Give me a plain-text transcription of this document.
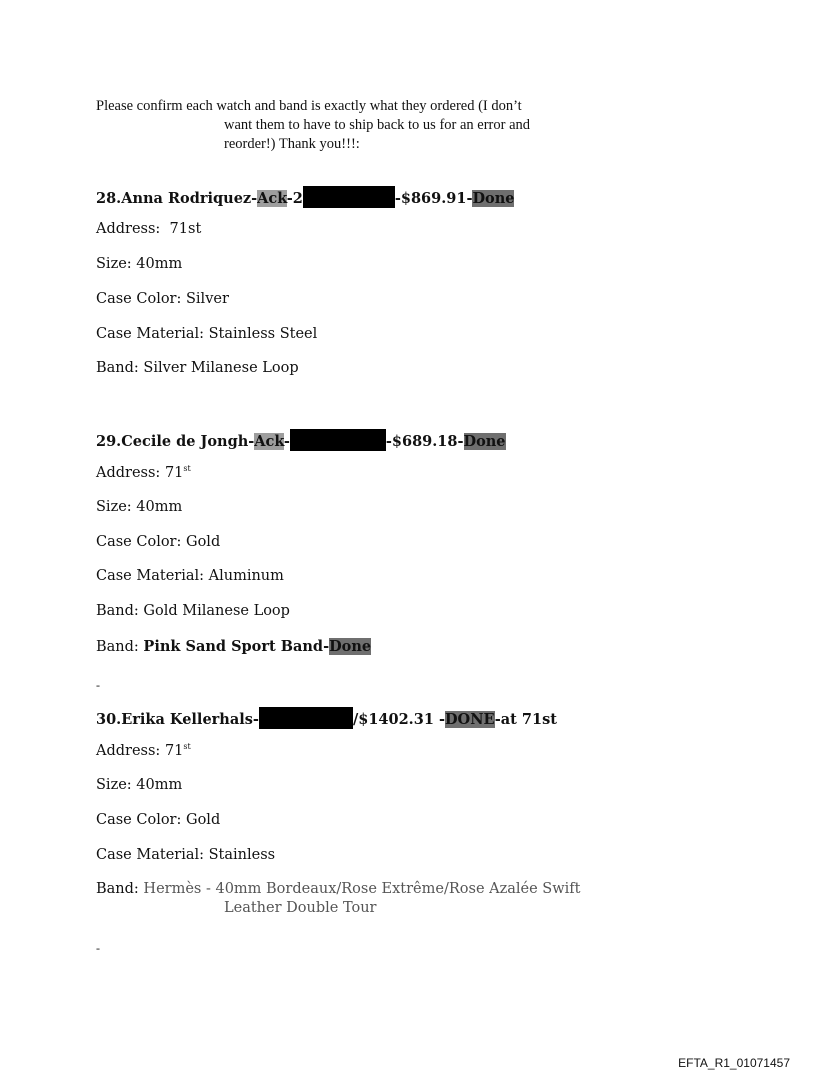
Please confirm each watch and band is exactly what they ordered (I don’t
want them to have to ship back to us for an error and
reorder!) Thank you!!!:
28.Anna Rodriquez-Ack-2	-$869.91-Done
Address: 71st
Size: 40mm
Case Color: Silver
Case Material: Stainless Steel
Band: Silver Milanese Loop
29.Cecile de Jongh-Ack-	-$689.18-Done
Address: 71st
Size: 40mm
Case Color: Gold
Case Material: Aluminum
Band: Gold Milanese Loop
Band: Pink Sand Sport Band-Done
-
30.Erika Kellerhals-	/$1402.31 -DONE-at 71st
Address: 71st
Size: 40mm
Case Color: Gold
Case Material: Stainless
Band: Hermès - 40mm Bordeaux/Rose Extrême/Rose Azalée Swift
Leather Double Tour
-
EFTA_R1_01071457
